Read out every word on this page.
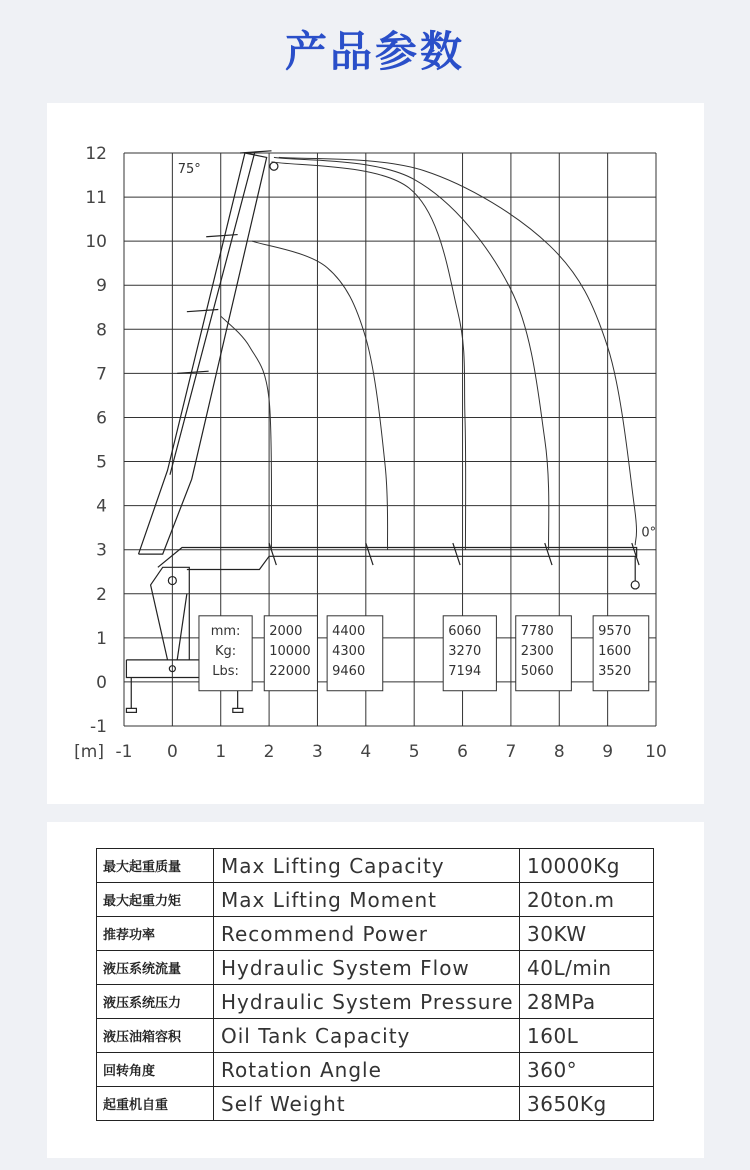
产品参数
-1 0 1 2 3 4 5 6 7 8 9 10
12
11
10
9
8
7
6
5
4
3
2
1
0
-1
[m]
75°
0°
mm:
Kg:
Lbs:
2000
10000
22000
4400
4300
9460
6060
3270
7194
7780
2300
5060
9570
1600
3520
最大起重质量	Max Lifting Capacity	10000Kg
最大起重力矩	Max Lifting Moment	20ton.m
推荐功率	Recommend Power	30KW
液压系统流量	Hydraulic System Flow	40L/min
液压系统压力	Hydraulic System Pressure	28MPa
液压油箱容积	Oil Tank Capacity	160L
回转角度	Rotation Angle	360°
起重机自重	Self Weight	3650Kg
